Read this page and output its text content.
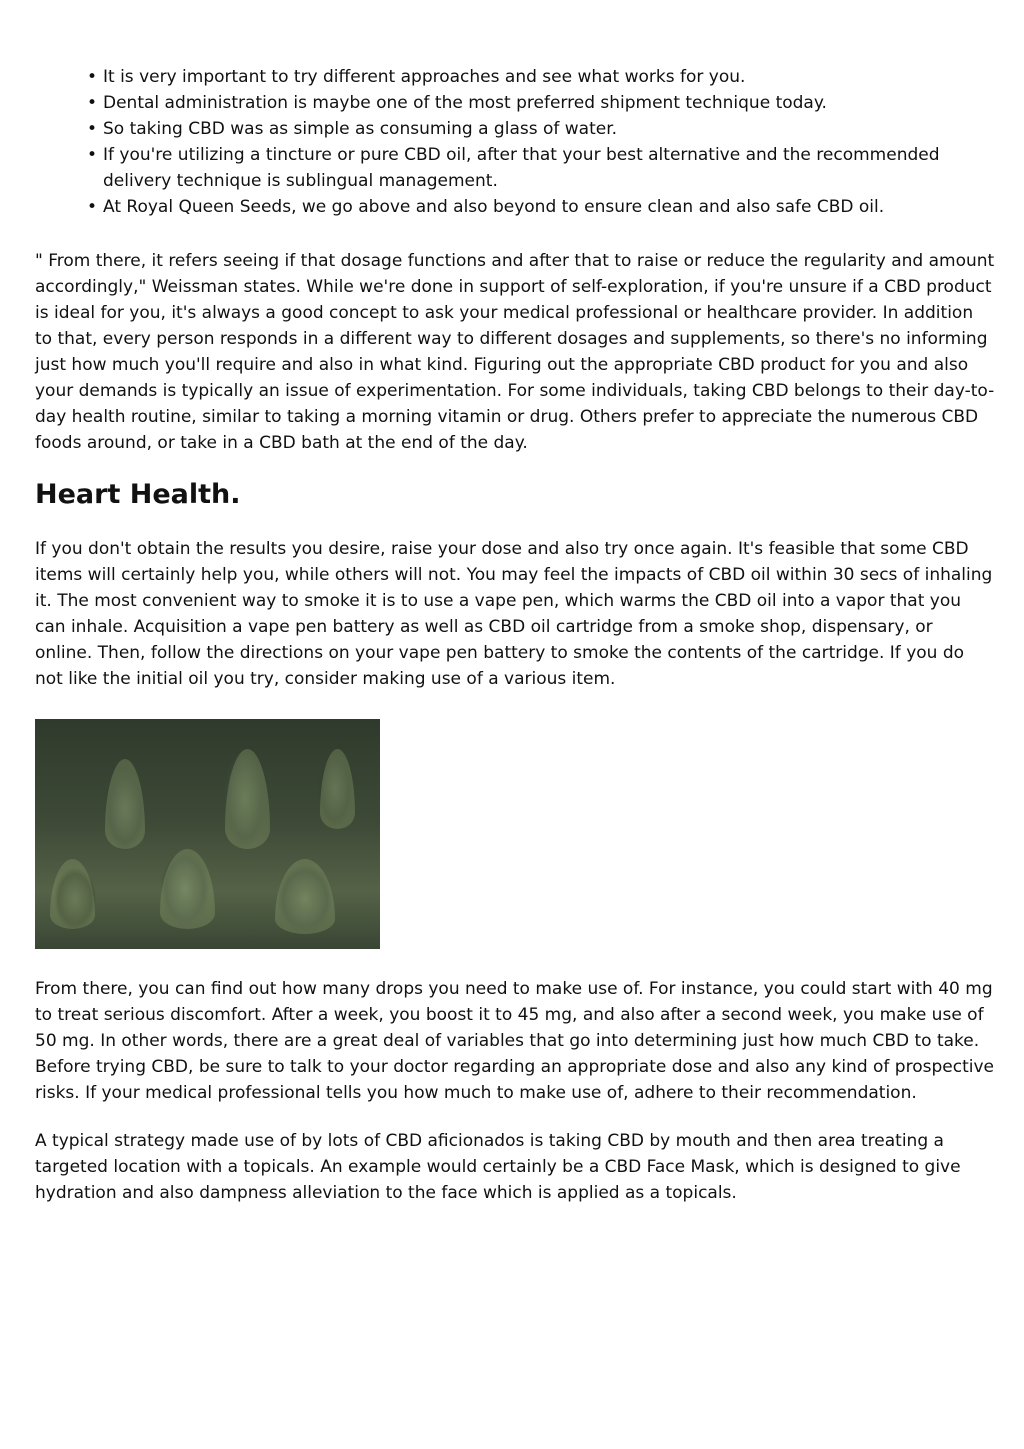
• It is very important to try different approaches and see what works for you.
• Dental administration is maybe one of the most preferred shipment technique today.
• So taking CBD was as simple as consuming a glass of water.
• If you're utilizing a tincture or pure CBD oil, after that your best alternative and the recommended delivery technique is sublingual management.
• At Royal Queen Seeds, we go above and also beyond to ensure clean and also safe CBD oil.

" From there, it refers seeing if that dosage functions and after that to raise or reduce the regularity and amount accordingly," Weissman states. While we're done in support of self-exploration, if you're unsure if a CBD product is ideal for you, it's always a good concept to ask your medical professional or healthcare provider. In addition to that, every person responds in a different way to different dosages and supplements, so there's no informing just how much you'll require and also in what kind. Figuring out the appropriate CBD product for you and also your demands is typically an issue of experimentation. For some individuals, taking CBD belongs to their day-to-day health routine, similar to taking a morning vitamin or drug. Others prefer to appreciate the numerous CBD foods around, or take in a CBD bath at the end of the day.

Heart Health.

If you don't obtain the results you desire, raise your dose and also try once again. It's feasible that some CBD items will certainly help you, while others will not. You may feel the impacts of CBD oil within 30 secs of inhaling it. The most convenient way to smoke it is to use a vape pen, which warms the CBD oil into a vapor that you can inhale. Acquisition a vape pen battery as well as CBD oil cartridge from a smoke shop, dispensary, or online. Then, follow the directions on your vape pen battery to smoke the contents of the cartridge. If you do not like the initial oil you try, consider making use of a various item.

From there, you can find out how many drops you need to make use of. For instance, you could start with 40 mg to treat serious discomfort. After a week, you boost it to 45 mg, and also after a second week, you make use of 50 mg. In other words, there are a great deal of variables that go into determining just how much CBD to take. Before trying CBD, be sure to talk to your doctor regarding an appropriate dose and also any kind of prospective risks. If your medical professional tells you how much to make use of, adhere to their recommendation.

A typical strategy made use of by lots of CBD aficionados is taking CBD by mouth and then area treating a targeted location with a topicals. An example would certainly be a CBD Face Mask, which is designed to give hydration and also dampness alleviation to the face which is applied as a topicals.
